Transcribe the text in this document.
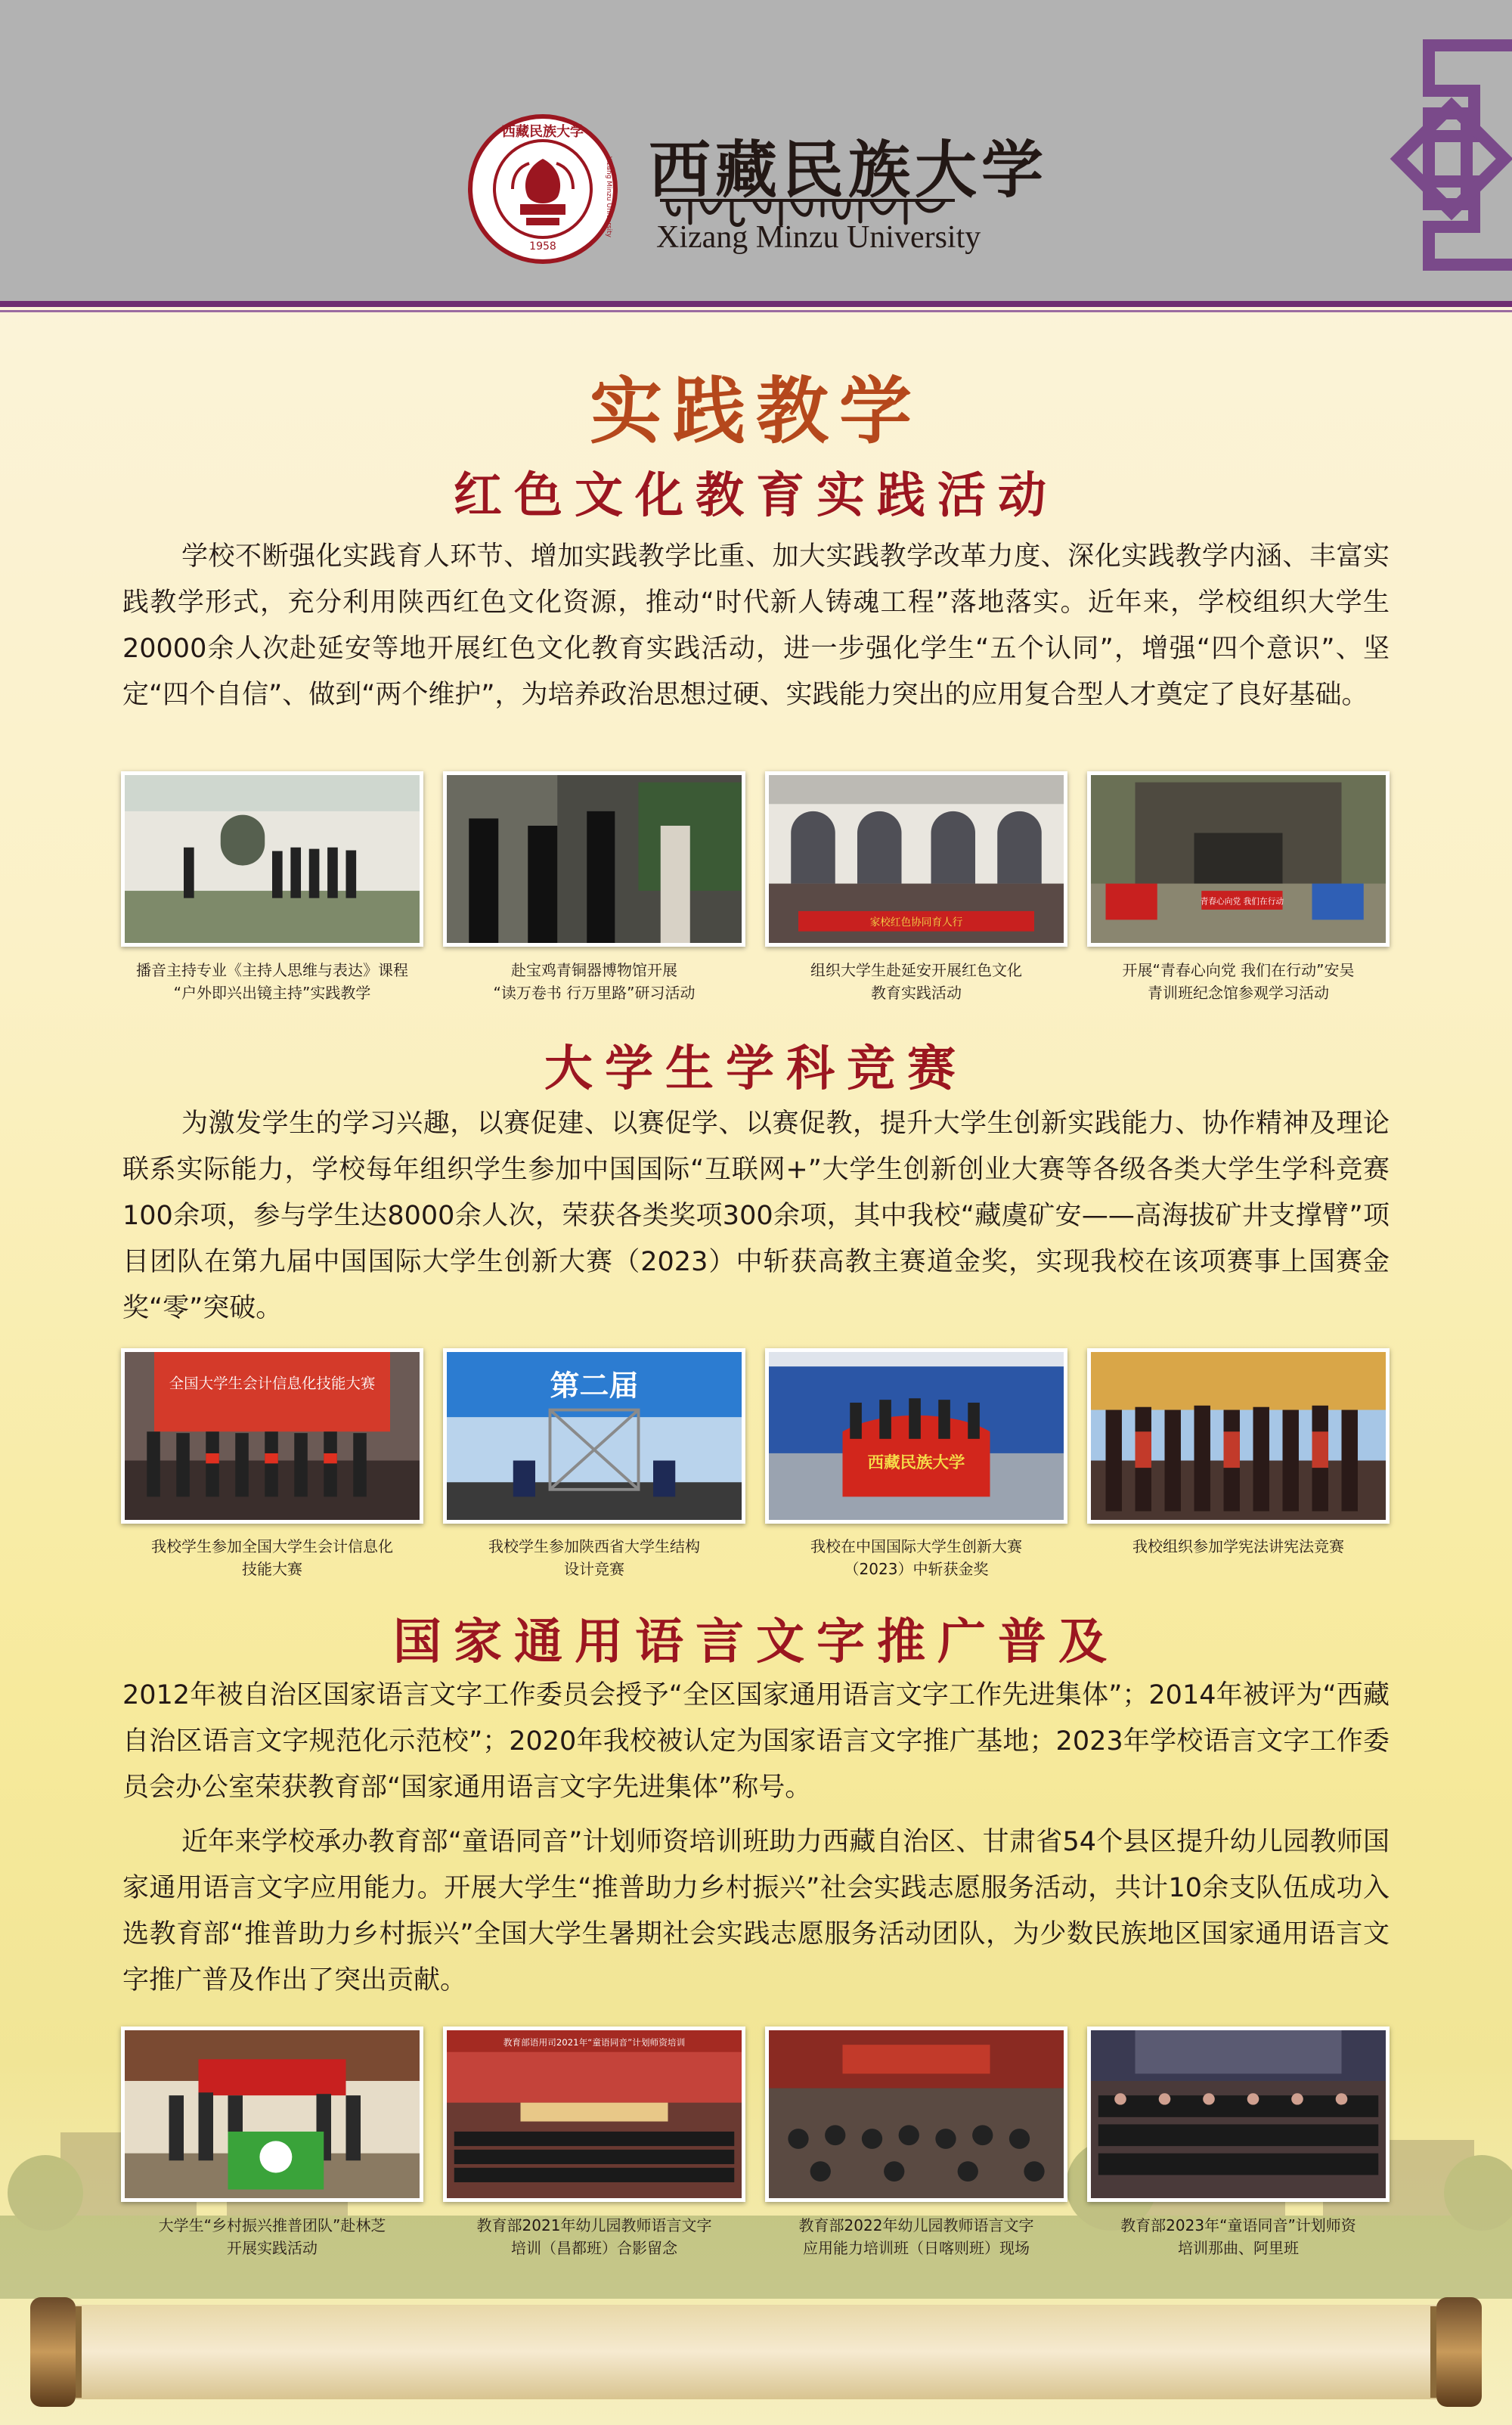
西藏民族大学
1958
Xizang Minzu University 西藏民族大学
Xizang Minzu University
实践教学
红色文化教育实践活动

学校不断强化实践育人环节、增加实践教学比重、加大实践教学改革力度、深化实践教学内涵、丰富实践教学形式，充分利用陕西红色文化资源，推动“时代新人铸魂工程”落地落实。近年来，学校组织大学生20000余人次赴延安等地开展红色文化教育实践活动，进一步强化学生“五个认同”，增强“四个意识”、坚定“四个自信”、做到“两个维护”，为培养政治思想过硬、实践能力突出的应用复合型人才奠定了良好基础。

家校红色协同育人行
青春心向党 我们在行动
播音主持专业《主持人思维与表达》课程
“户外即兴出镜主持”实践教学
赴宝鸡青铜器博物馆开展
“读万卷书 行万里路”研习活动
组织大学生赴延安开展红色文化
教育实践活动
开展“青春心向党 我们在行动”安吴
青训班纪念馆参观学习活动
大学生学科竞赛

为激发学生的学习兴趣，以赛促建、以赛促学、以赛促教，提升大学生创新实践能力、协作精神及理论联系实际能力，学校每年组织学生参加中国国际“互联网+”大学生创新创业大赛等各级各类大学生学科竞赛100余项，参与学生达8000余人次，荣获各类奖项300余项，其中我校“藏虞矿安——高海拔矿井支撑臂”项目团队在第九届中国国际大学生创新大赛（2023）中斩获高教主赛道金奖，实现我校在该项赛事上国赛金奖“零”突破。

全国大学生会计信息化技能大赛	第二届
西藏民族大学
我校学生参加全国大学生会计信息化
技能大赛
我校学生参加陕西省大学生结构
设计竞赛
我校在中国国际大学生创新大赛
（2023）中斩获金奖
我校组织参加学宪法讲宪法竞赛
国家通用语言文字推广普及

2012年被自治区国家语言文字工作委员会授予“全区国家通用语言文字工作先进集体”；2014年被评为“西藏自治区语言文字规范化示范校”；2020年我校被认定为国家语言文字推广基地；2023年学校语言文字工作委员会办公室荣获教育部“国家通用语言文字先进集体”称号。

近年来学校承办教育部“童语同音”计划师资培训班助力西藏自治区、甘肃省54个县区提升幼儿园教师国家通用语言文字应用能力。开展大学生“推普助力乡村振兴”社会实践志愿服务活动，共计10余支队伍成功入选教育部“推普助力乡村振兴”全国大学生暑期社会实践志愿服务活动团队，为少数民族地区国家通用语言文字推广普及作出了突出贡献。

教育部语用司2021年“童语同音”计划师资培训
大学生“乡村振兴推普团队”赴林芝
开展实践活动
教育部2021年幼儿园教师语言文字
培训（昌都班）合影留念
教育部2022年幼儿园教师语言文字
应用能力培训班（日喀则班）现场
教育部2023年“童语同音”计划师资
培训那曲、阿里班
